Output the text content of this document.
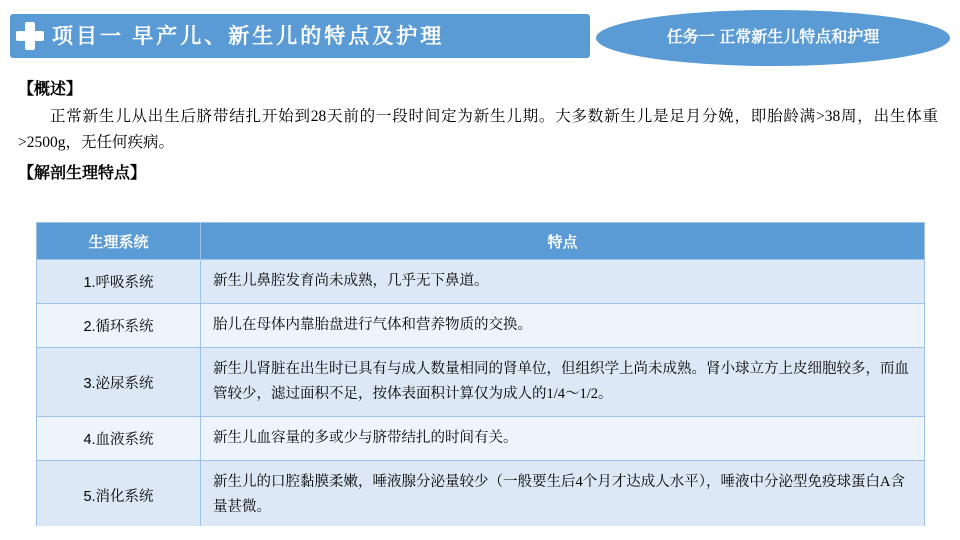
项目一 早产儿、新生儿的特点及护理	任务一 正常新生儿特点和护理
【概述】
正常新生儿从出生后脐带结扎开始到28天前的一段时间定为新生儿期。大多数新生儿是足月分娩，即胎龄满>38周，出生体重>2500g，无任何疾病。
【解剖生理特点】
生理系统	特点
1.呼吸系统	新生儿鼻腔发育尚未成熟，几乎无下鼻道。
2.循环系统	胎儿在母体内靠胎盘进行气体和营养物质的交换。
3.泌尿系统	新生儿肾脏在出生时已具有与成人数量相同的肾单位，但组织学上尚未成熟。肾小球立方上皮细胞较多，而血管较少，滤过面积不足，按体表面积计算仅为成人的1/4～1/2。
4.血液系统	新生儿血容量的多或少与脐带结扎的时间有关。
5.消化系统	新生儿的口腔黏膜柔嫩，唾液腺分泌量较少（一般要生后4个月才达成人水平），唾液中分泌型免疫球蛋白A含量甚微。
